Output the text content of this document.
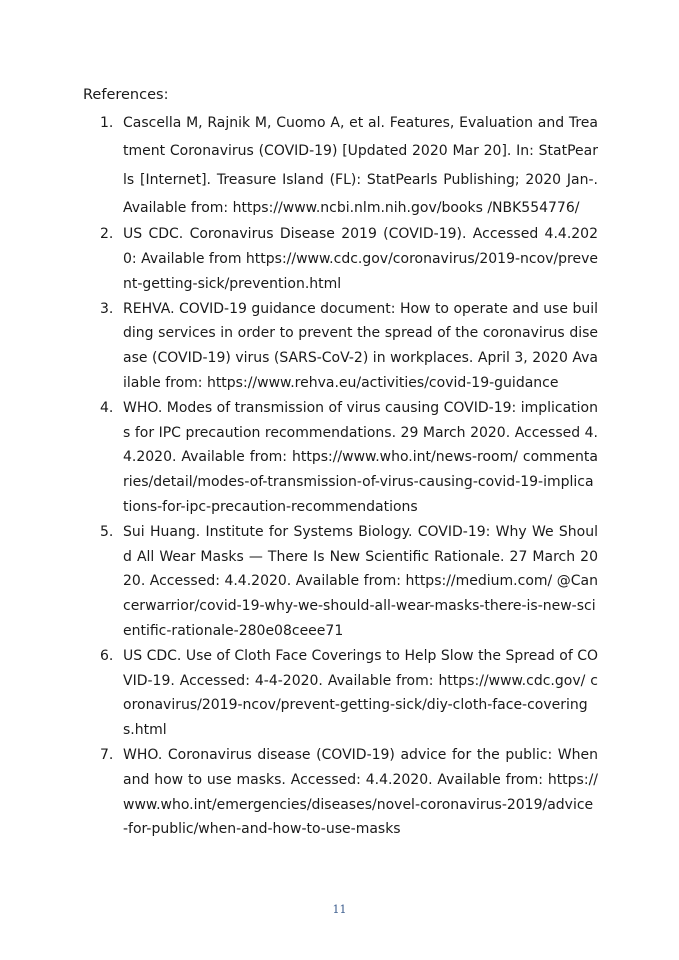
References:
1. Cascella M, Rajnik M, Cuomo A, et al. Features, Evaluation and Treatment Coronavirus (COVID-19) [Updated 2020 Mar 20]. In: StatPearls [Internet]. Treasure Island (FL): StatPearls Publishing; 2020 Jan-. Available from: https://www.ncbi.nlm.nih.gov/books /NBK554776/
2. US CDC. Coronavirus Disease 2019 (COVID-19). Accessed 4.4.2020: Available from https://www.cdc.gov/coronavirus/2019-ncov/prevent-getting-sick/prevention.html
3. REHVA. COVID-19 guidance document: How to operate and use building services in order to prevent the spread of the coronavirus disease (COVID-19) virus (SARS-CoV-2) in workplaces. April 3, 2020 Available from: https://www.rehva.eu/activities/covid-19-guidance
4. WHO. Modes of transmission of virus causing COVID-19: implications for IPC precaution recommendations. 29 March 2020. Accessed 4.4.2020. Available from: https://www.who.int/news-room/ commentaries/detail/modes-of-transmission-of-virus-causing-covid-19-implications-for-ipc-precaution-recommendations
5. Sui Huang. Institute for Systems Biology. COVID-19: Why We Should All Wear Masks — There Is New Scientific Rationale. 27 March 2020. Accessed: 4.4.2020. Available from: https://medium.com/ @Cancerwarrior/covid-19-why-we-should-all-wear-masks-there-is-new-scientific-rationale-280e08ceee71
6. US CDC. Use of Cloth Face Coverings to Help Slow the Spread of COVID-19. Accessed: 4-4-2020. Available from: https://www.cdc.gov/ coronavirus/2019-ncov/prevent-getting-sick/diy-cloth-face-coverings.html
7. WHO. Coronavirus disease (COVID-19) advice for the public: When and how to use masks. Accessed: 4.4.2020. Available from: https://www.who.int/emergencies/diseases/novel-coronavirus-2019/advice-for-public/when-and-how-to-use-masks
11
